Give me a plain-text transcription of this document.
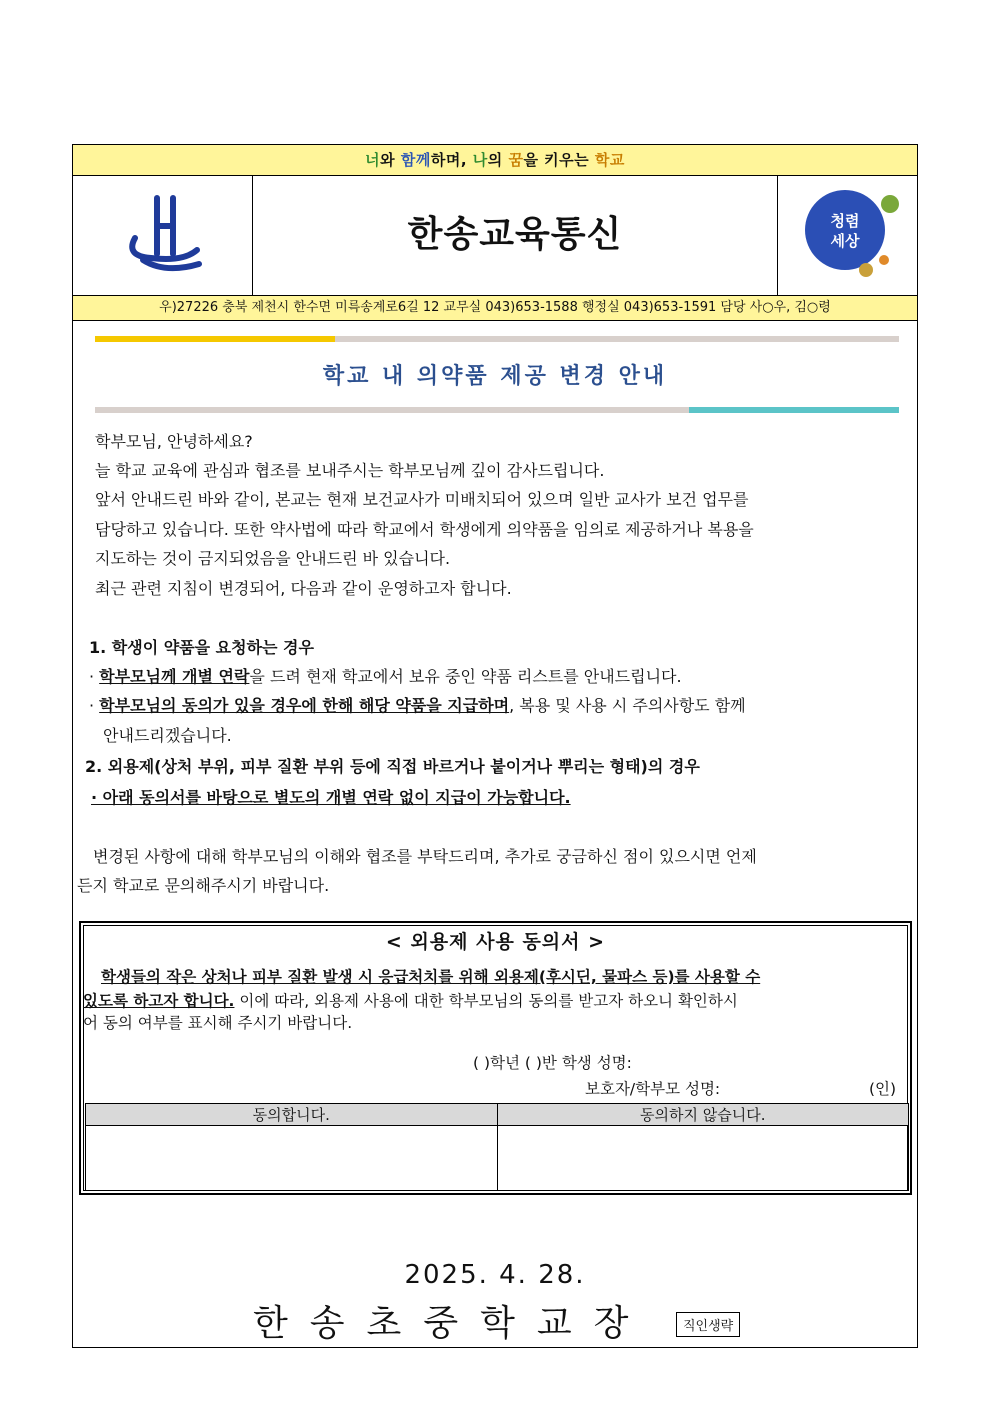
너와 함께하며, 나의 꿈을 키우는 학교
한송교육통신	청렴
세상
우)27226 충북 제천시 한수면 미륵송계로6길 12 교무실 043)653-1588 행정실 043)653-1591 담당 사○우, 김○령
학교 내 의약품 제공 변경 안내
학부모님, 안녕하세요?
늘 학교 교육에 관심과 협조를 보내주시는 학부모님께 깊이 감사드립니다.
앞서 안내드린 바와 같이, 본교는 현재 보건교사가 미배치되어 있으며 일반 교사가 보건 업무를
담당하고 있습니다. 또한 약사법에 따라 학교에서 학생에게 의약품을 임의로 제공하거나 복용을
지도하는 것이 금지되었음을 안내드린 바 있습니다.
최근 관련 지침이 변경되어, 다음과 같이 운영하고자 합니다.
1. 학생이 약품을 요청하는 경우
· 학부모님께 개별 연락을 드려 현재 학교에서 보유 중인 약품 리스트를 안내드립니다.
· 학부모님의 동의가 있을 경우에 한해 해당 약품을 지급하며, 복용 및 사용 시 주의사항도 함께
안내드리겠습니다.
2. 외용제(상처 부위, 피부 질환 부위 등에 직접 바르거나 붙이거나 뿌리는 형태)의 경우
· 아래 동의서를 바탕으로 별도의 개별 연락 없이 지급이 가능합니다.
변경된 사항에 대해 학부모님의 이해와 협조를 부탁드리며, 추가로 궁금하신 점이 있으시면 언제
든지 학교로 문의해주시기 바랍니다.
< 외용제 사용 동의서 >
학생들의 작은 상처나 피부 질환 발생 시 응급처치를 위해 외용제(후시딘, 물파스 등)를 사용할 수
있도록 하고자 합니다. 이에 따라, 외용제 사용에 대한 학부모님의 동의를 받고자 하오니 확인하시
어 동의 여부를 표시해 주시기 바랍니다.
( )학년 ( )반 학생 성명:
보호자/학부모 성명:	(인)
동의합니다.	동의하지 않습니다.

2025. 4. 28.
한송초중학교장	직인생략
